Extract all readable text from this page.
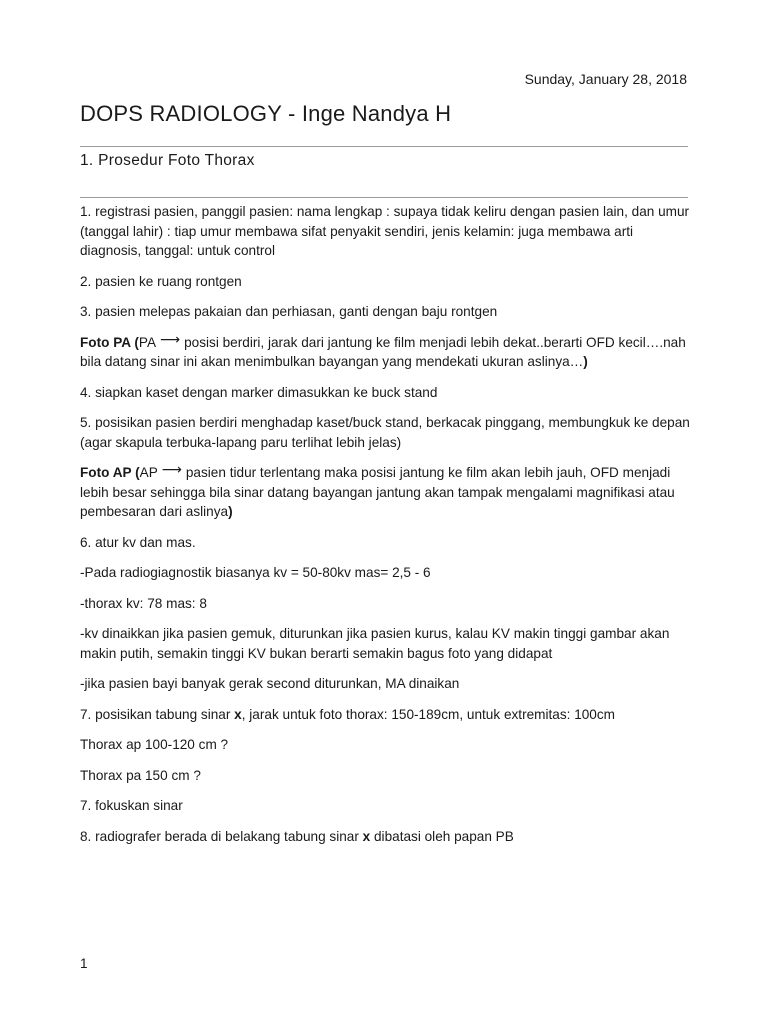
Sunday, January 28, 2018
DOPS RADIOLOGY - Inge Nandya H
1. Prosedur Foto Thorax

1. registrasi pasien, panggil pasien: nama lengkap : supaya tidak keliru dengan pasien lain, dan umur (tanggal lahir) : tiap umur membawa sifat penyakit sendiri, jenis kelamin: juga membawa arti diagnosis, tanggal: untuk control

2. pasien ke ruang rontgen

3. pasien melepas pakaian dan perhiasan, ganti dengan baju rontgen

Foto PA (PA ⟶ posisi berdiri, jarak dari jantung ke film menjadi lebih dekat..berarti OFD kecil….nah bila datang sinar ini akan menimbulkan bayangan yang mendekati ukuran aslinya…)

4. siapkan kaset dengan marker dimasukkan ke buck stand

5. posisikan pasien berdiri menghadap kaset/buck stand, berkacak pinggang, membungkuk ke depan (agar skapula terbuka-lapang paru terlihat lebih jelas)

Foto AP (AP ⟶ pasien tidur terlentang maka posisi jantung ke film akan lebih jauh, OFD menjadi lebih besar sehingga bila sinar datang bayangan jantung akan tampak mengalami magnifikasi atau pembesaran dari aslinya)

6. atur kv dan mas.

-Pada radiogiagnostik biasanya kv = 50-80kv mas= 2,5 - 6

-thorax kv: 78 mas: 8

-kv dinaikkan jika pasien gemuk, diturunkan jika pasien kurus, kalau KV makin tinggi gambar akan makin putih, semakin tinggi KV bukan berarti semakin bagus foto yang didapat

-jika pasien bayi banyak gerak second diturunkan, MA dinaikan

7. posisikan tabung sinar x, jarak untuk foto thorax: 150-189cm, untuk extremitas: 100cm

Thorax ap 100-120 cm ?

Thorax pa 150 cm ?

7. fokuskan sinar

8. radiografer berada di belakang tabung sinar x dibatasi oleh papan PB

1
